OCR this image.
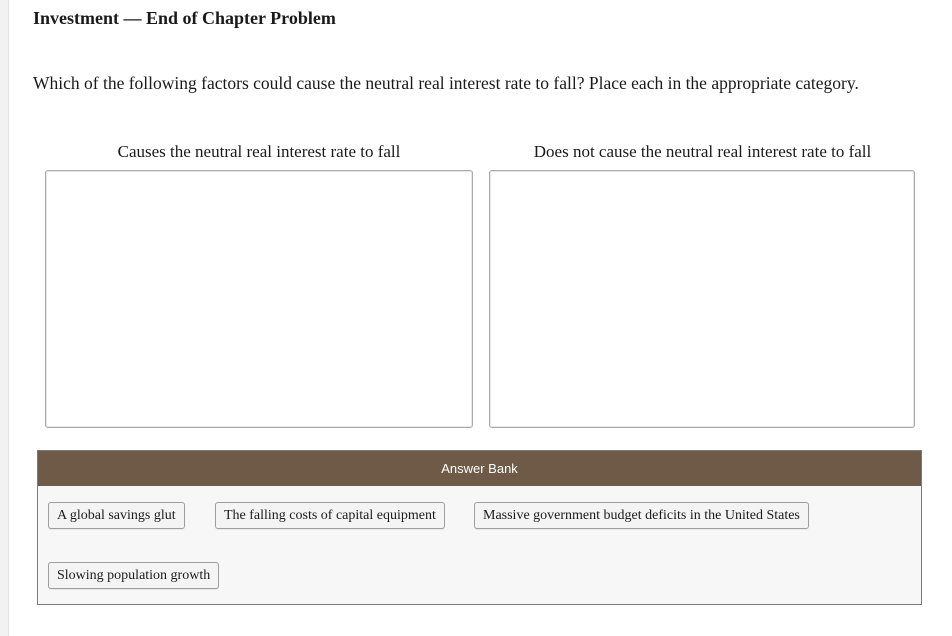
Investment — End of Chapter Problem
Which of the following factors could cause the neutral real interest rate to fall? Place each in the appropriate category.
Causes the neutral real interest rate to fall	Does not cause the neutral real interest rate to fall
Answer Bank
A global savings glut	The falling costs of capital equipment	Massive government budget deficits in the United States
Slowing population growth
